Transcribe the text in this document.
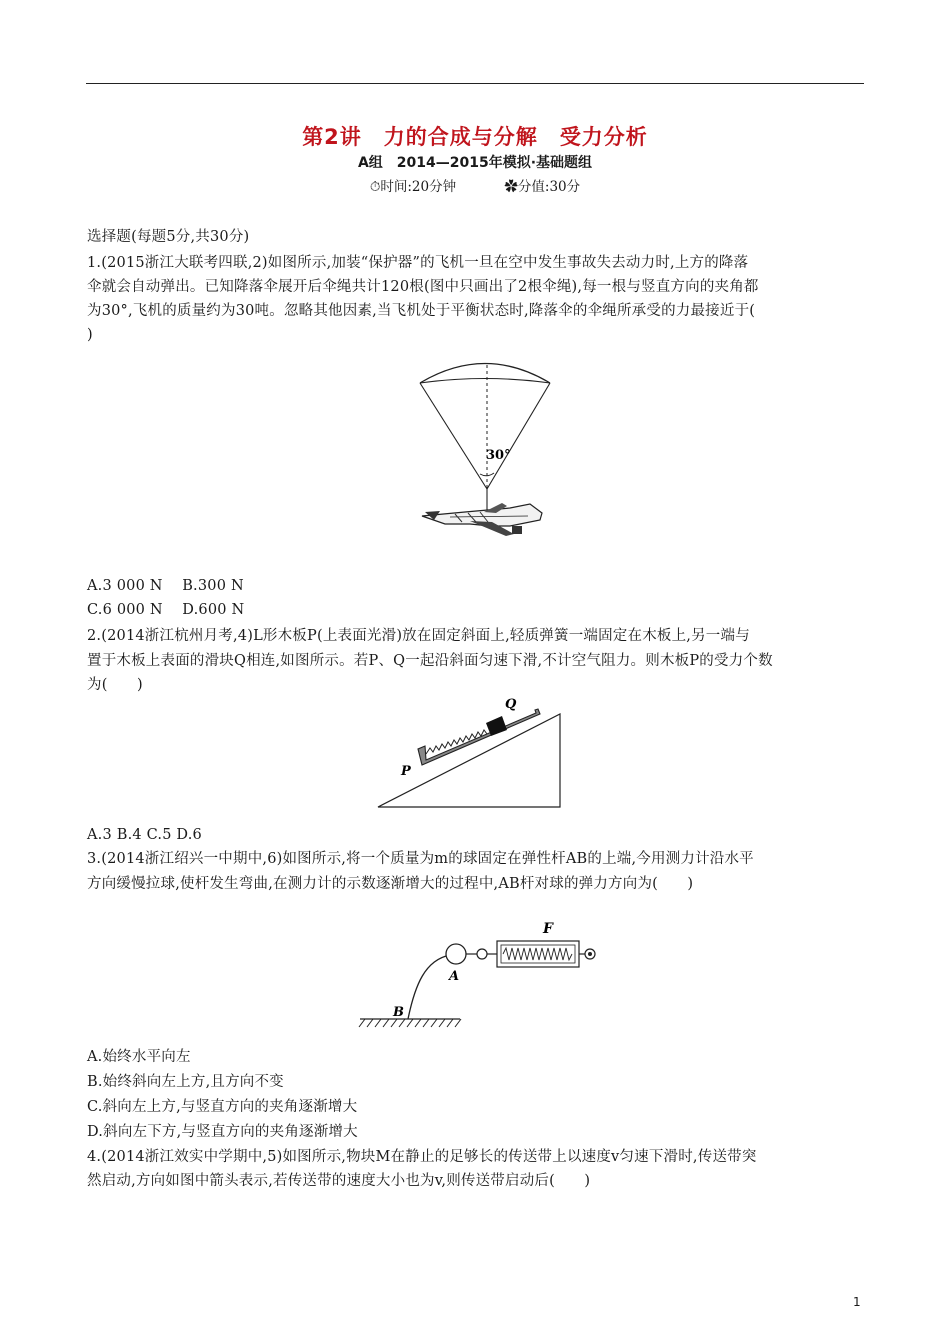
第2讲　力的合成与分解　受力分析
A组　2014—2015年模拟·基础题组
⏱时间:20分钟	✿分值:30分
选择题(每题5分,共30分)
1.(2015浙江大联考四联,2)如图所示,加装“保护器”的飞机一旦在空中发生事故失去动力时,上方的降落
伞就会自动弹出。已知降落伞展开后伞绳共计120根(图中只画出了2根伞绳),每一根与竖直方向的夹角都
为30°,飞机的质量约为30吨。忽略其他因素,当飞机处于平衡状态时,降落伞的伞绳所承受的力最接近于(
)
30°
A.3 000 N　 B.300 N
C.6 000 N　 D.600 N
2.(2014浙江杭州月考,4)L形木板P(上表面光滑)放在固定斜面上,轻质弹簧一端固定在木板上,另一端与
置于木板上表面的滑块Q相连,如图所示。若P、Q一起沿斜面匀速下滑,不计空气阻力。则木板P的受力个数
为(　　)
Q
P
A.3 B.4 C.5 D.6
3.(2014浙江绍兴一中期中,6)如图所示,将一个质量为m的球固定在弹性杆AB的上端,今用测力计沿水平
方向缓慢拉球,使杆发生弯曲,在测力计的示数逐渐增大的过程中,AB杆对球的弹力方向为(　　)
F
A
B
A.始终水平向左
B.始终斜向左上方,且方向不变
C.斜向左上方,与竖直方向的夹角逐渐增大
D.斜向左下方,与竖直方向的夹角逐渐增大
4.(2014浙江效实中学期中,5)如图所示,物块M在静止的足够长的传送带上以速度v匀速下滑时,传送带突
然启动,方向如图中箭头表示,若传送带的速度大小也为v,则传送带启动后(　　)
1
